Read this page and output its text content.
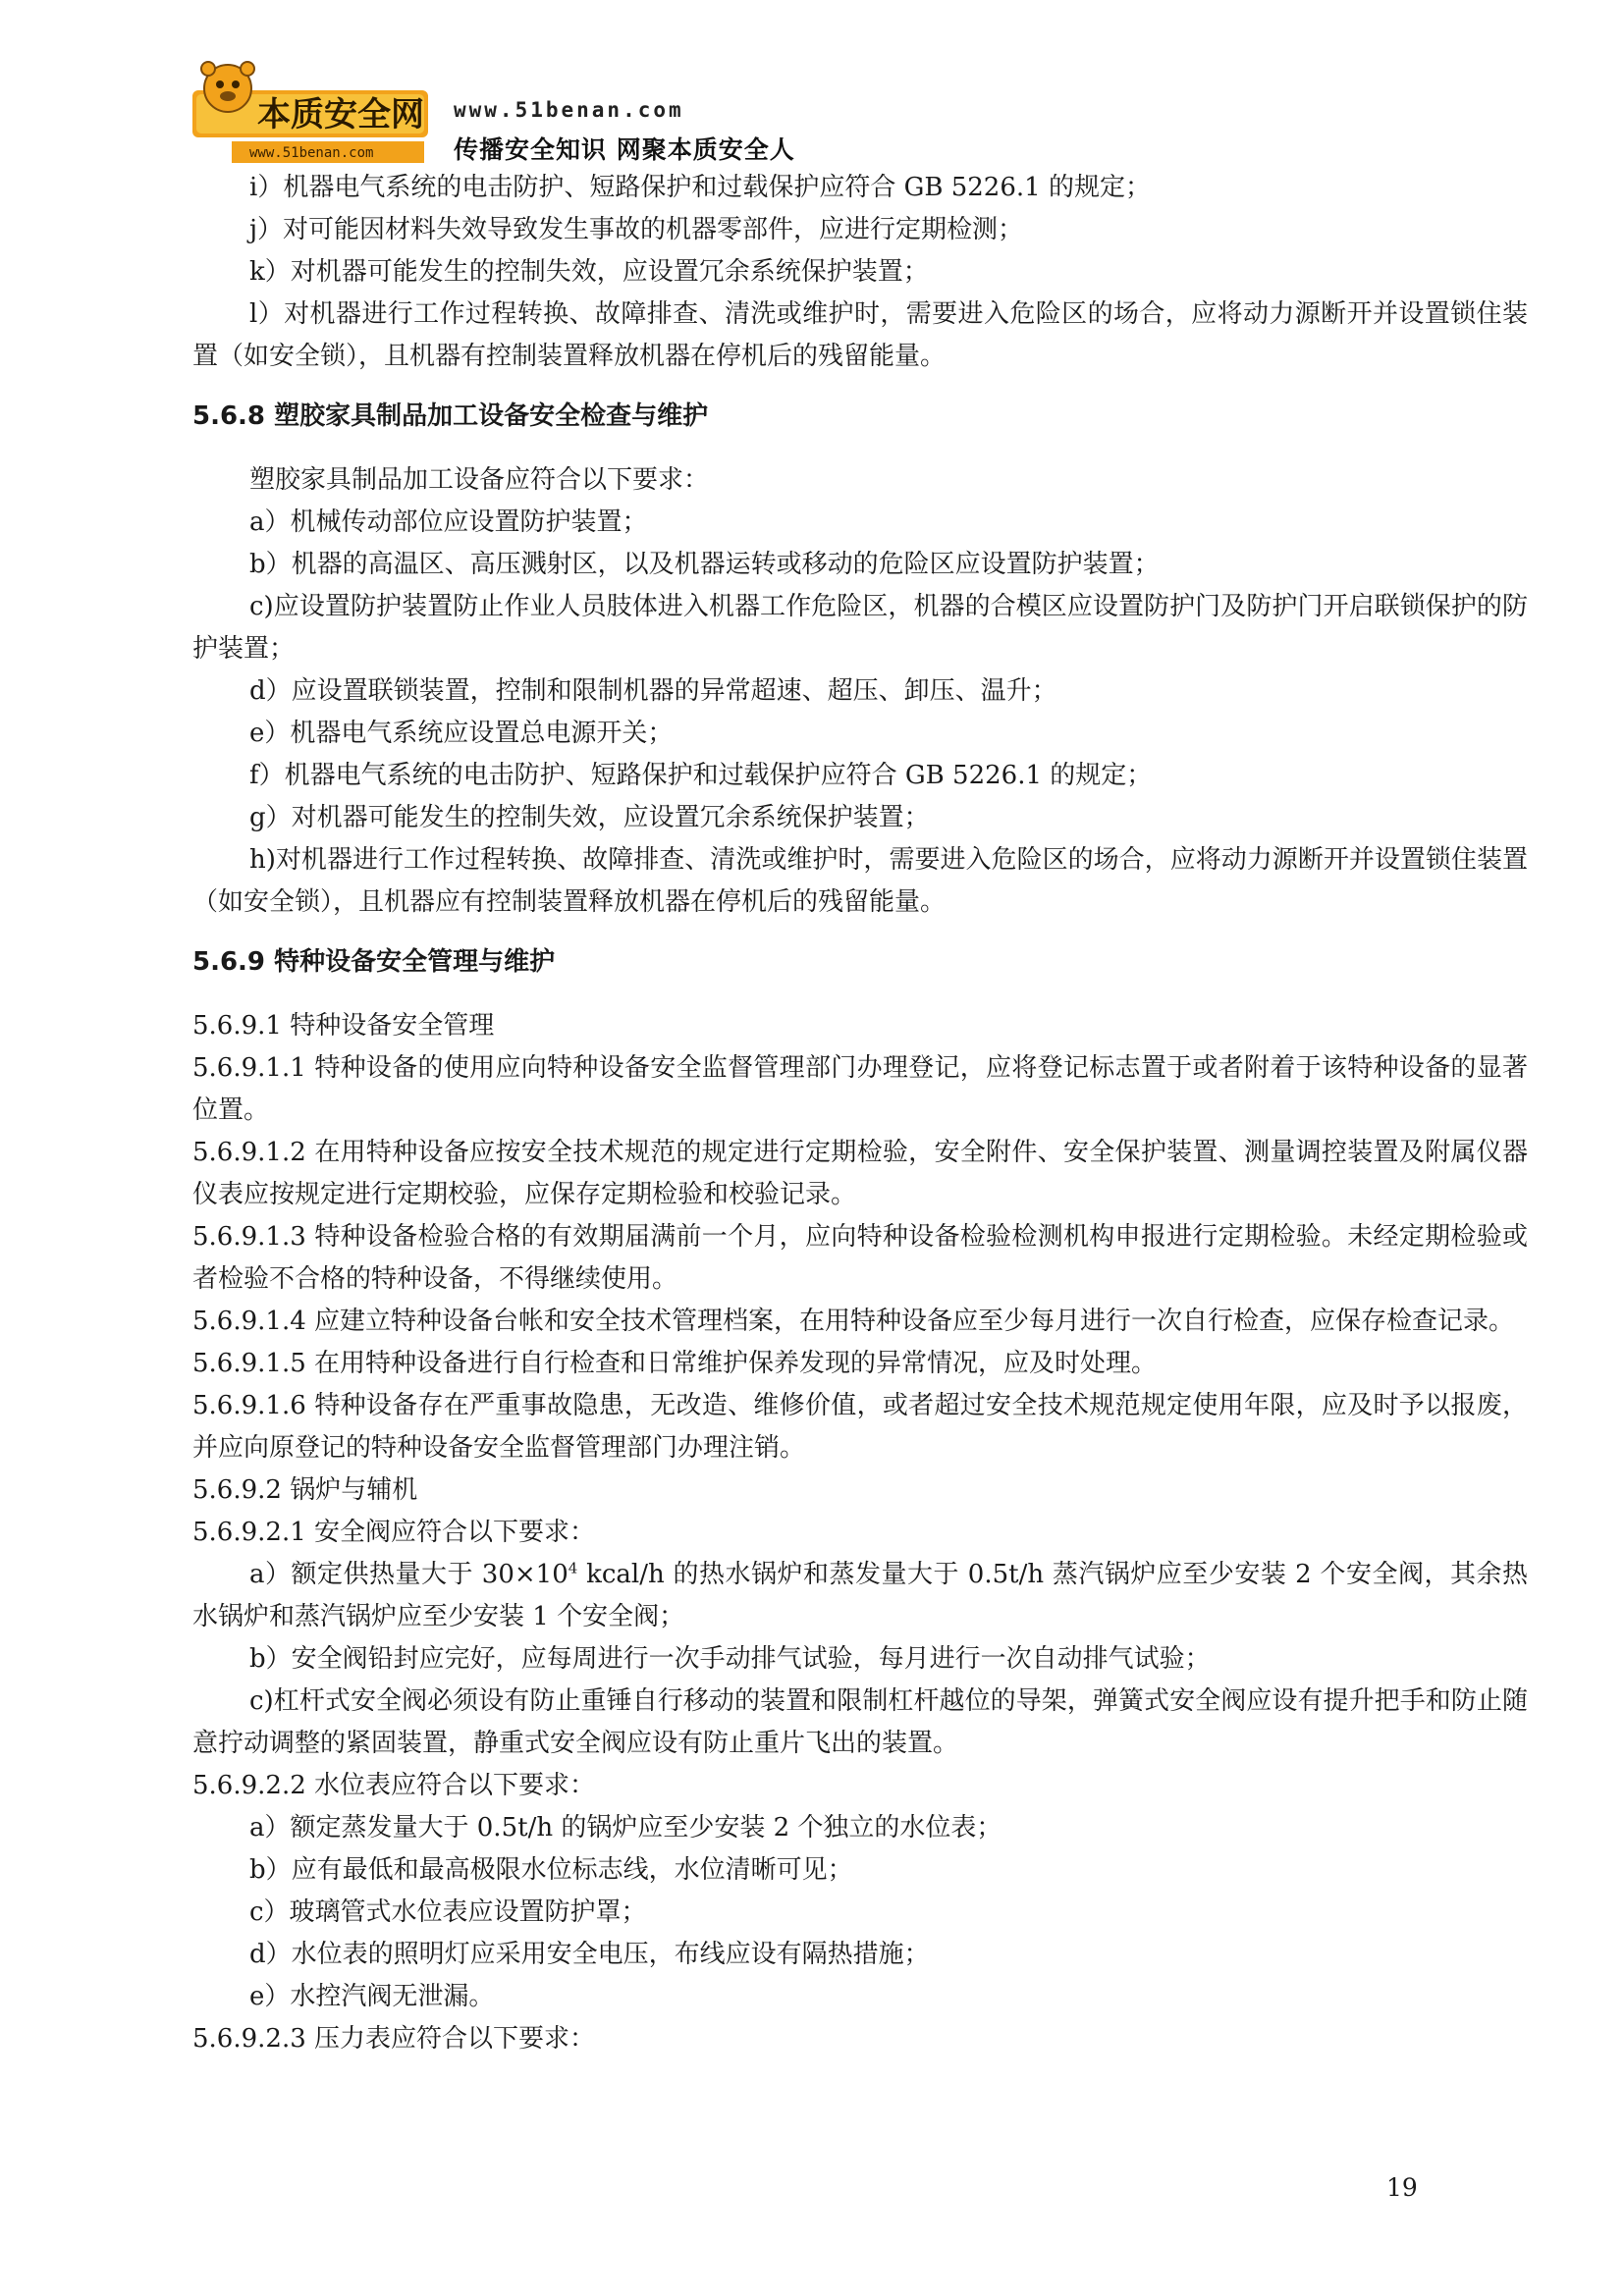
本质安全网
www.51benan.com
www.51benan.com
传播安全知识 网聚本质安全人

i）机器电气系统的电击防护、短路保护和过载保护应符合 GB 5226.1 的规定；

j）对可能因材料失效导致发生事故的机器零部件，应进行定期检测；

k）对机器可能发生的控制失效，应设置冗余系统保护装置；

l）对机器进行工作过程转换、故障排查、清洗或维护时，需要进入危险区的场合，应将动力源断开并设置锁住装置（如安全锁），且机器有控制装置释放机器在停机后的残留能量。

5.6.8 塑胶家具制品加工设备安全检查与维护

塑胶家具制品加工设备应符合以下要求：

a）机械传动部位应设置防护装置；

b）机器的高温区、高压溅射区，以及机器运转或移动的危险区应设置防护装置；

c)应设置防护装置防止作业人员肢体进入机器工作危险区，机器的合模区应设置防护门及防护门开启联锁保护的防护装置；

d）应设置联锁装置，控制和限制机器的异常超速、超压、卸压、温升；

e）机器电气系统应设置总电源开关；

f）机器电气系统的电击防护、短路保护和过载保护应符合 GB 5226.1 的规定；

g）对机器可能发生的控制失效，应设置冗余系统保护装置；

h)对机器进行工作过程转换、故障排查、清洗或维护时，需要进入危险区的场合，应将动力源断开并设置锁住装置（如安全锁），且机器应有控制装置释放机器在停机后的残留能量。

5.6.9 特种设备安全管理与维护

5.6.9.1 特种设备安全管理

5.6.9.1.1 特种设备的使用应向特种设备安全监督管理部门办理登记，应将登记标志置于或者附着于该特种设备的显著位置。

5.6.9.1.2 在用特种设备应按安全技术规范的规定进行定期检验，安全附件、安全保护装置、测量调控装置及附属仪器仪表应按规定进行定期校验，应保存定期检验和校验记录。

5.6.9.1.3 特种设备检验合格的有效期届满前一个月，应向特种设备检验检测机构申报进行定期检验。未经定期检验或者检验不合格的特种设备，不得继续使用。

5.6.9.1.4 应建立特种设备台帐和安全技术管理档案，在用特种设备应至少每月进行一次自行检查，应保存检查记录。

5.6.9.1.5 在用特种设备进行自行检查和日常维护保养发现的异常情况，应及时处理。

5.6.9.1.6 特种设备存在严重事故隐患，无改造、维修价值，或者超过安全技术规范规定使用年限，应及时予以报废，并应向原登记的特种设备安全监督管理部门办理注销。

5.6.9.2 锅炉与辅机

5.6.9.2.1 安全阀应符合以下要求：

a）额定供热量大于 $30\times 10^4$ kcal/h 的热水锅炉和蒸发量大于 0.5t/h 蒸汽锅炉应至少安装 2 个安全阀，其余热水锅炉和蒸汽锅炉应至少安装 1 个安全阀；

b）安全阀铅封应完好，应每周进行一次手动排气试验，每月进行一次自动排气试验；

c)杠杆式安全阀必须设有防止重锤自行移动的装置和限制杠杆越位的导架，弹簧式安全阀应设有提升把手和防止随意拧动调整的紧固装置，静重式安全阀应设有防止重片飞出的装置。

5.6.9.2.2 水位表应符合以下要求：

a）额定蒸发量大于 0.5t/h 的锅炉应至少安装 2 个独立的水位表；

b）应有最低和最高极限水位标志线，水位清晰可见；

c）玻璃管式水位表应设置防护罩；

d）水位表的照明灯应采用安全电压，布线应设有隔热措施；

e）水控汽阀无泄漏。

5.6.9.2.3 压力表应符合以下要求：

19
